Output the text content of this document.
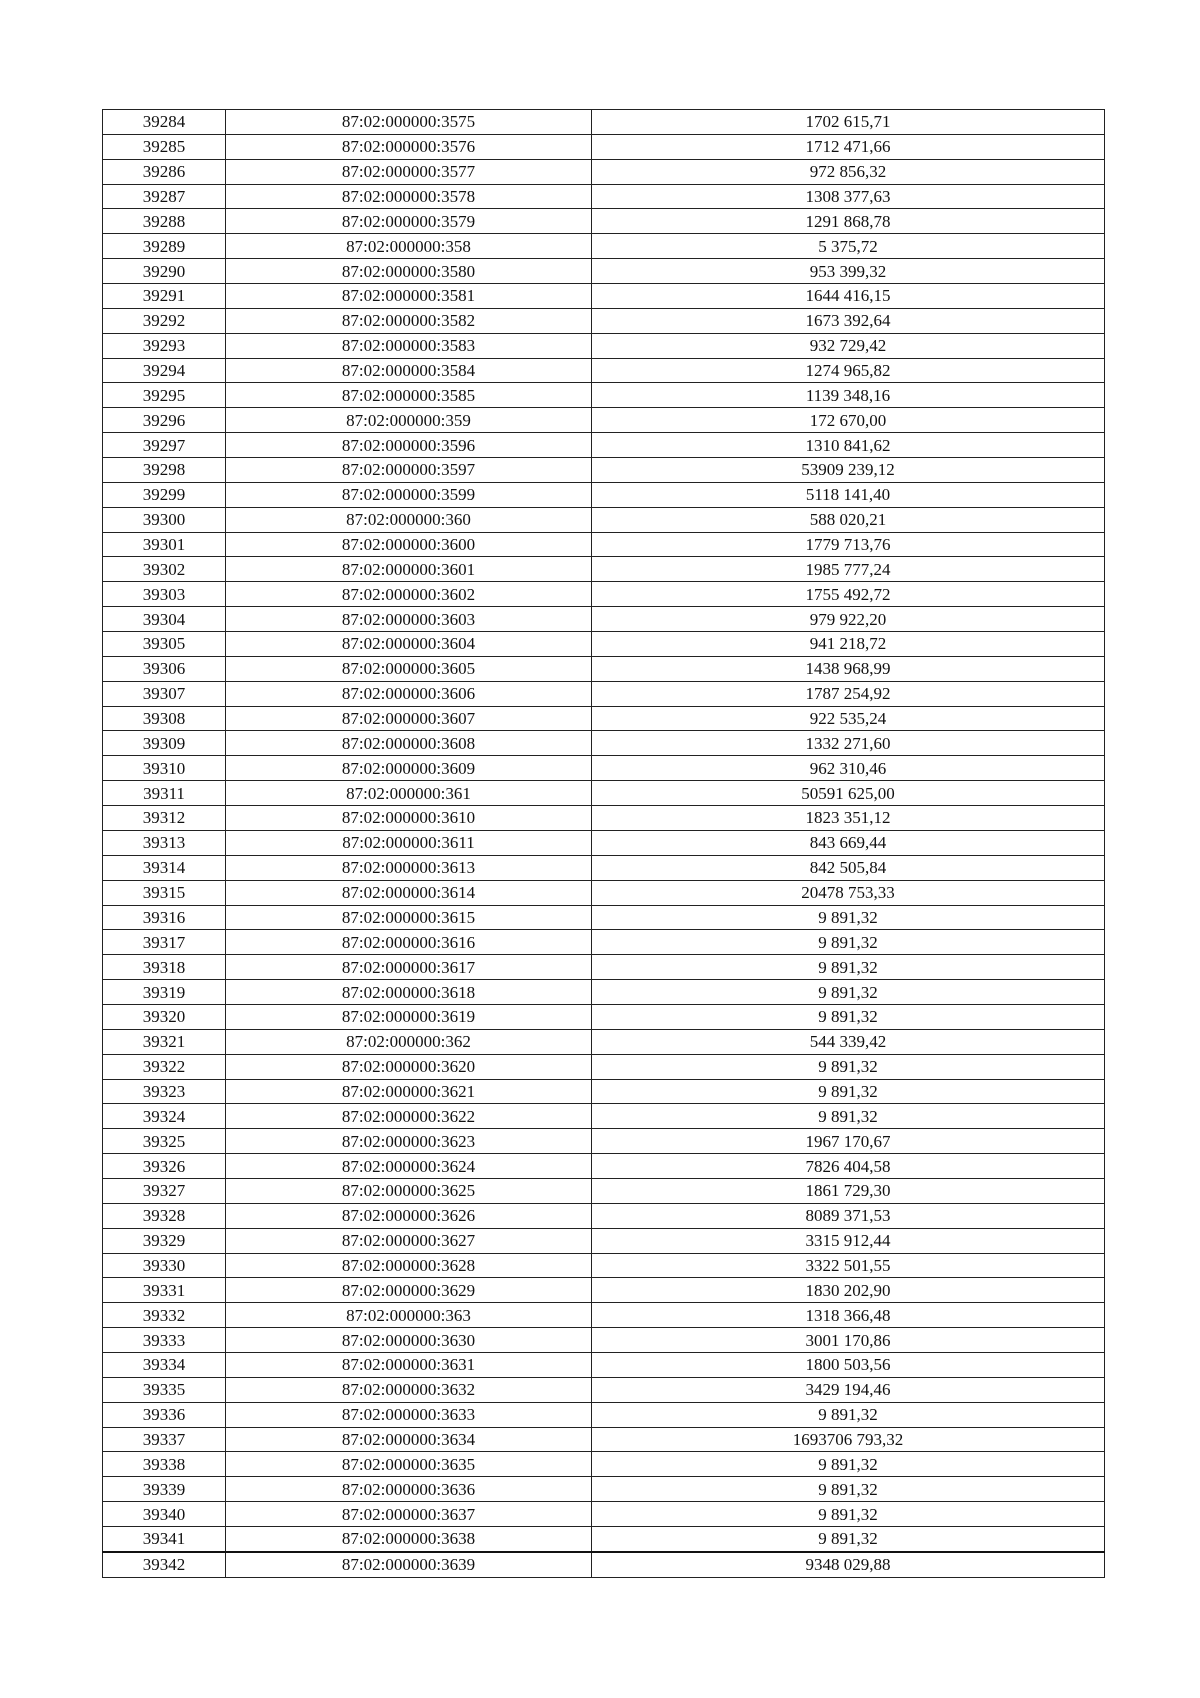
39284	87:02:000000:3575	1702 615,71
39285	87:02:000000:3576	1712 471,66
39286	87:02:000000:3577	972 856,32
39287	87:02:000000:3578	1308 377,63
39288	87:02:000000:3579	1291 868,78
39289	87:02:000000:358	5 375,72
39290	87:02:000000:3580	953 399,32
39291	87:02:000000:3581	1644 416,15
39292	87:02:000000:3582	1673 392,64
39293	87:02:000000:3583	932 729,42
39294	87:02:000000:3584	1274 965,82
39295	87:02:000000:3585	1139 348,16
39296	87:02:000000:359	172 670,00
39297	87:02:000000:3596	1310 841,62
39298	87:02:000000:3597	53909 239,12
39299	87:02:000000:3599	5118 141,40
39300	87:02:000000:360	588 020,21
39301	87:02:000000:3600	1779 713,76
39302	87:02:000000:3601	1985 777,24
39303	87:02:000000:3602	1755 492,72
39304	87:02:000000:3603	979 922,20
39305	87:02:000000:3604	941 218,72
39306	87:02:000000:3605	1438 968,99
39307	87:02:000000:3606	1787 254,92
39308	87:02:000000:3607	922 535,24
39309	87:02:000000:3608	1332 271,60
39310	87:02:000000:3609	962 310,46
39311	87:02:000000:361	50591 625,00
39312	87:02:000000:3610	1823 351,12
39313	87:02:000000:3611	843 669,44
39314	87:02:000000:3613	842 505,84
39315	87:02:000000:3614	20478 753,33
39316	87:02:000000:3615	9 891,32
39317	87:02:000000:3616	9 891,32
39318	87:02:000000:3617	9 891,32
39319	87:02:000000:3618	9 891,32
39320	87:02:000000:3619	9 891,32
39321	87:02:000000:362	544 339,42
39322	87:02:000000:3620	9 891,32
39323	87:02:000000:3621	9 891,32
39324	87:02:000000:3622	9 891,32
39325	87:02:000000:3623	1967 170,67
39326	87:02:000000:3624	7826 404,58
39327	87:02:000000:3625	1861 729,30
39328	87:02:000000:3626	8089 371,53
39329	87:02:000000:3627	3315 912,44
39330	87:02:000000:3628	3322 501,55
39331	87:02:000000:3629	1830 202,90
39332	87:02:000000:363	1318 366,48
39333	87:02:000000:3630	3001 170,86
39334	87:02:000000:3631	1800 503,56
39335	87:02:000000:3632	3429 194,46
39336	87:02:000000:3633	9 891,32
39337	87:02:000000:3634	1693706 793,32
39338	87:02:000000:3635	9 891,32
39339	87:02:000000:3636	9 891,32
39340	87:02:000000:3637	9 891,32
39341	87:02:000000:3638	9 891,32
39342	87:02:000000:3639	9348 029,88
